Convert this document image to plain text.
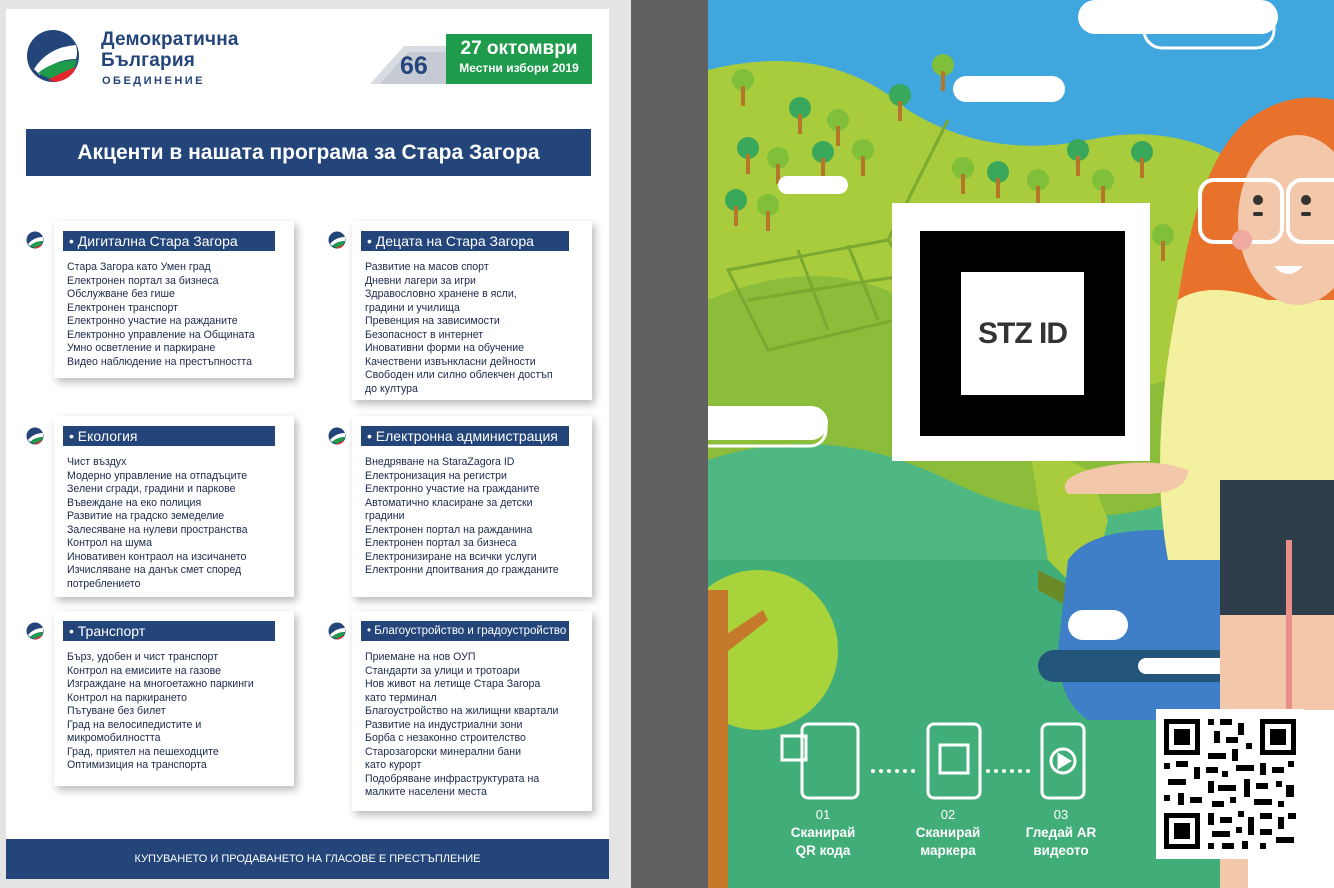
Демократична
България
ОБЕДИНЕНИЕ
66
27 октомври
Местни избори 2019
Акценти в нашата програма за Стара Загора
• Дигитална Стара Загора
Стара Загора като Умен град
Електронен портал за бизнеса
Обслужване без гише
Електронен транспорт
Електронно участие на ражданите
Електронно управление на Общината
Умно осветление и паркиране
Видео наблюдение на престъпността
• Децата на Стара Загора
Развитие на масов спорт
Дневни лагери за игри
Здравословно хранене в ясли,
градини и училища
Превенция на зависимости
Безопасност в интернет
Иновативни форми на обучение
Качествени извънкласни дейности
Свободен или силно облекчен достъп
до култура
• Екология
Чист въздух
Модерно управление на отпадъците
Зелени сгради, градини и паркове
Въвеждане на еко полиция
Развитие на градско земеделие
Залесяване на нулеви пространства
Контрол на шума
Иновативен контраол на изсичането
Изчисляване на данък смет според
потреблението
• Електронна администрация
Внедряване на StaraZagora ID
Електронизация на регистри
Електронно участие на гражданите
Автоматично класиране за детски
градини
Електронен портал на ражданина
Електронен портал за бизнеса
Електронизиране на всички услуги
Електронни дпоитвания до гражданите
• Транспорт
Бърз, удобен и чист транспорт
Контрол на емисиите на газове
Изграждане на многоетажно паркинги
Контрол на паркирането
Пътуване без билет
Град на велосипедистите и
микромобилността
Град, приятел на пешеходците
Оптимизиция на транспорта
• Благоустройство и градоустройство
Приемане на нов ОУП
Стандарти за улици и тротоари
Нов живот на летище Стара Загора
като терминал
Благоустройство на жилищни квартали
Развитие на индустриални зони
Борба с незаконно строителство
Старозагорски минерални бани
като курорт
Подобряване инфраструктурата на
малките населени места
КУПУВАНЕТО И ПРОДАВАНЕТО НА ГЛАСОВЕ Е ПРЕСТЪПЛЕНИЕ
STZ ID
01
Сканирай
QR кода
02
Сканирай
маркера
03
Гледай AR
видеото
